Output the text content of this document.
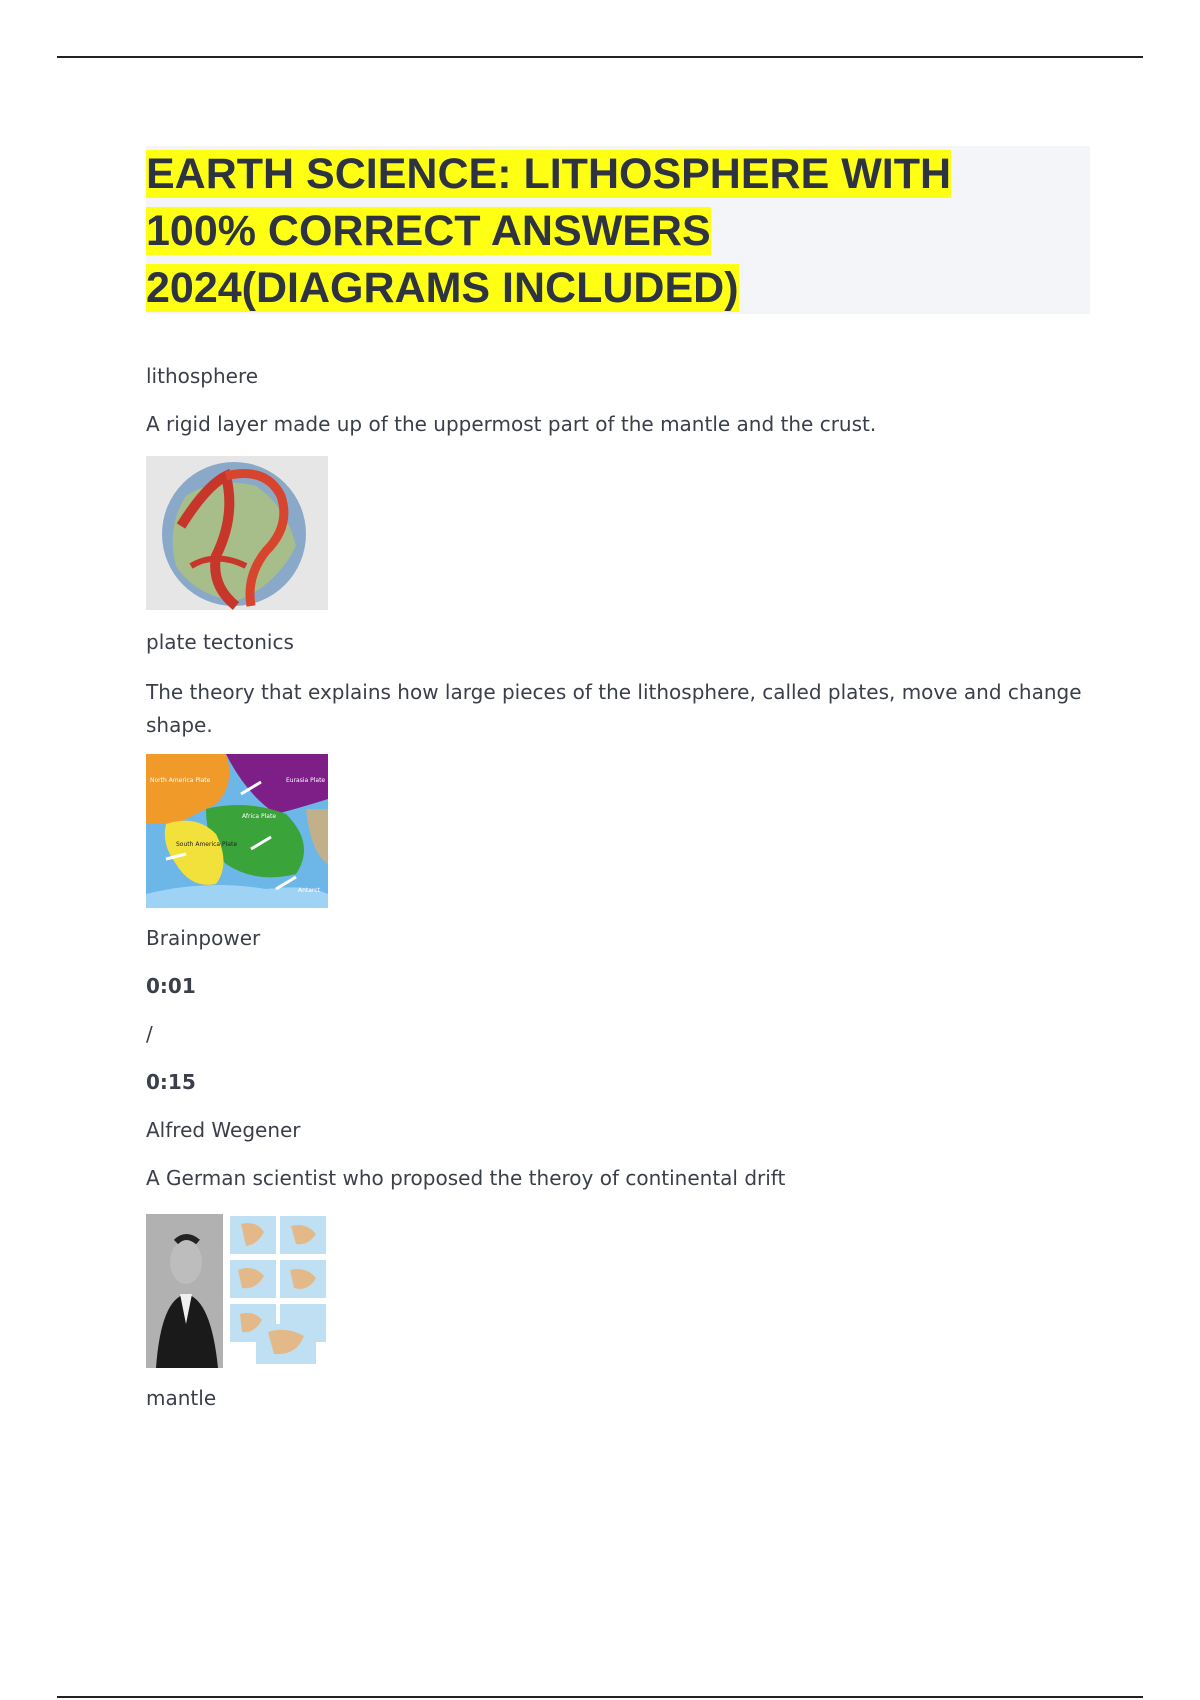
EARTH SCIENCE: LITHOSPHERE WITH 100% CORRECT ANSWERS 2024(DIAGRAMS INCLUDED)

lithosphere

A rigid layer made up of the uppermost part of the mantle and the crust.

plate tectonics

The theory that explains how large pieces of the lithosphere, called plates, move and change shape.

North America Plate	Eurasia Plate
Africa Plate
South America Plate
Antarct

Brainpower

0:01

/

0:15

Alfred Wegener

A German scientist who proposed the theroy of continental drift

mantle
